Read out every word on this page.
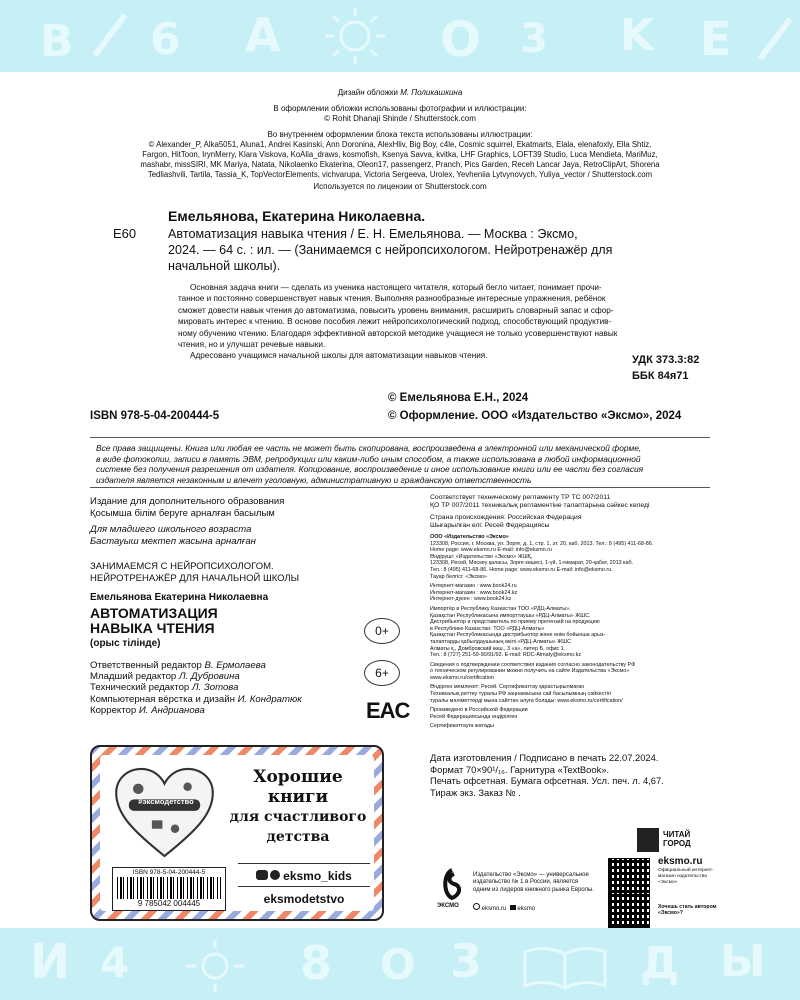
6 A	O 3 K E
B
Дизайн обложки М. Поликашкина
В оформлении обложки использованы фотографии и иллюстрации:
© Rohit Dhanaji Shinde / Shutterstock.com
Во внутреннем оформлении блока текста использованы иллюстрации:
© Alexander_P, Alka5051, Aluna1, Andrei Kasinski, Ann Doronina, AlexHliv, Big Boy, c4le, Cosmic squirrel, Ekatmarts, Elala, elenafoxly, Ella Shtiz,
Fargon, HitToon, IrynMerry, Klara Viskova, KoAlia_draws, kosmofish, Ksenya Savva, kvitka, LHF Graphics, LOFT39 Studio, Luca Mendieta, MariMuz,
mashabr, missSIRI, MK Mariya, Natata, Nikolaenko Ekaterina, Oleon17, passengerz, Pranch, Pics Garden, Receh Lancar Jaya, RetroClipArt, Shorena
Tedliashvili, Tartila, Tassia_K, TopVectorElements, vichvarupa, Victoria Sergeeva, Urolex, Yevheniia Lytvynovych, Yuliya_vector / Shutterstock.com
Используется по лицензии от Shutterstock.com
Емельянова, Екатерина Николаевна.
Е60	Автоматизация навыка чтения / Е. Н. Емельянова. — Москва : Эксмо,
2024. — 64 с. : ил. — (Занимаемся с нейропсихологом. Нейротренажёр для
начальной школы).
Основная задача книги — сделать из ученика настоящего читателя, который бегло читает, понимает прочи-
танное и постоянно совершенствует навык чтения. Выполняя разнообразные интересные упражнения, ребёнок
сможет довести навык чтения до автоматизма, повысить уровень внимания, расширить словарный запас и сфор-
мировать интерес к чтению. В основе пособия лежит нейропсихологический подход, способствующий продуктив-
ному обучению чтению. Благодаря эффективной авторской методике учащиеся не только усовершенствуют навык
чтения, но и улучшат речевые навыки.
Адресовано учащимся начальной школы для автоматизации навыков чтения.	УДК 373.3:82
ББК 84я71
© Емельянова Е.Н., 2024
ISBN 978-5-04-200444-5	© Оформление. ООО «Издательство «Эксмо», 2024
Все права защищены. Книга или любая ее часть не может быть скопирована, воспроизведена в электронной или механической форме,
в виде фотокопии, записи в память ЭВМ, репродукции или каким-либо иным способом, а также использована в любой информационной
системе без получения разрешения от издателя. Копирование, воспроизведение и иное использование книги или ее части без согласия
издателя является незаконным и влечет уголовную, административную и гражданскую ответственность
Издание для дополнительного образования
Қосымша білім беруге арналған басылым
Для младшего школьного возраста
Бастауыш мектеп жасына арналған
ЗАНИМАЕМСЯ С НЕЙРОПСИХОЛОГОМ.
НЕЙРОТРЕНАЖЁР ДЛЯ НАЧАЛЬНОЙ ШКОЛЫ
Емельянова Екатерина Николаевна
АВТОМАТИЗАЦИЯ
НАВЫКА ЧТЕНИЯ
(орыс тілінде)
Ответственный редактор В. Ермолаева
Младший редактор Л. Дубровина
Технический редактор Л. Зотова
Компьютерная вёрстка и дизайн И. Кондратюк
Корректор И. Андрианова
0+
6+
EAC
Соответствует техническому регламенту ТР ТС 007/2011
ҚО ТР 007/2011 техникалық регламентіне талаптарына сәйкес келеді
Страна происхождения: Российская Федерация
Шығарылған елі: Ресей Федерациясы
ООО «Издательство «Эксмо»
123308, Россия, г. Москва, ул. Зорге, д. 1, стр. 1, эт. 20, каб. 2013. Тел.: 8 (495) 411-68-86.
Home page: www.eksmo.ru E-mail: info@eksmo.ru
Өндіруші: «Издательство «Эксмо» ЖШҚ,
123308, Ресей, Мәскеу қаласы, Зорге көшесі, 1-үй, 1-ғимарат, 20-қабат, 2013 каб.
Тел.: 8 (495) 411-68-86. Home page: www.eksmo.ru E-mail: info@eksmo.ru.
Тауар белгісі: «Эксмо»
Интернет-магазин : www.book24.ru
Интернет-магазин : www.book24.kz
Интернет-дүкен : www.book24.kz
Импортёр в Республику Казахстан ТОО «РДЦ-Алматы».
Қазақстан Республикасына импорттаушы «РДЦ-Алматы» ЖШС.
Дистрибьютор и представитель по приему претензий на продукцию
в Республике Казахстан: ТОО «РДЦ-Алматы»
Қазақстан Республикасында дистрибьютор және өнім бойынша арыз-
талаптарды қабылдаушының өкілі «РДЦ-Алматы» ЖШС
Алматы қ., Домбровский көш., 3 «а», литер Б, офис 1.
Тел.: 8 (727) 251-59-90/91/92. E-mail: RDC-Almaty@eksmo.kz
Сведения о подтверждении соответствия издания согласно законодательству РФ
о техническом регулировании можно получить на сайте Издательства «Эксмо»
www.eksmo.ru/certification
Өндірген мемлекет: Ресей. Сертификаттау қарастырылмаған
Техникалық реттеу туралы РФ заңнамасына сай басылымның сәйкестігі
туралы мәліметтерді мына сайттан алуға болады: www.eksmo.ru/certification/
Произведено в Российской Федерации
Ресей Федерациясында өндірілген
Сертификаттауға жатады
Дата изготовления / Подписано в печать 22.07.2024.
Формат 70×90¹/₁₆. Гарнитура «TextBook».
Печать офсетная. Бумага офсетная. Усл. печ. л. 4,67.
Тираж экз. Заказ № .
#эксмодетство
Хорошие
книги
для счастливого
детства
ISBN 978-5-04-200444-5
9 785042 004445
eksmo_kids
eksmodetstvo	ЭКСМО
Издательство «Эксмо» — универсальное
издательство № 1 в России, является
одним из лидеров книжного рынка Европы.
eksmo.ru eksmo
ЧИТАЙ ГОРОД
eksmo.ru
Официальный интернет-магазин издательства «Эксмо»
Хочешь стать автором «Эксмо»?
И 4	8 O 3	Д Ы
